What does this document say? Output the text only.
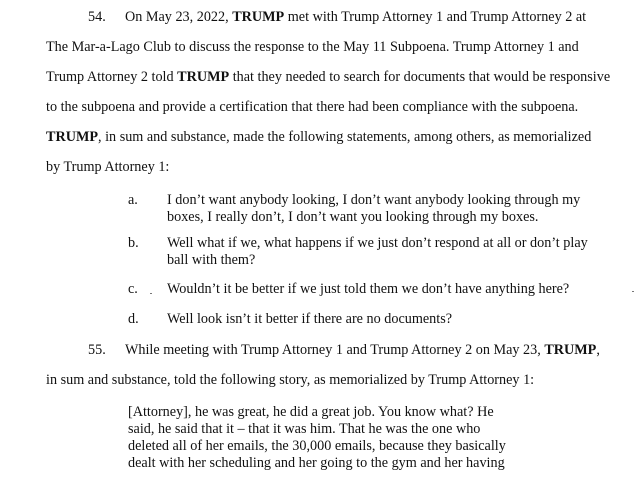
54. On May 23, 2022, TRUMP met with Trump Attorney 1 and Trump Attorney 2 at
The Mar-a-Lago Club to discuss the response to the May 11 Subpoena. Trump Attorney 1 and
Trump Attorney 2 told TRUMP that they needed to search for documents that would be responsive
to the subpoena and provide a certification that there had been compliance with the subpoena.
TRUMP, in sum and substance, made the following statements, among others, as memorialized
by Trump Attorney 1:
a. I don’t want anybody looking, I don’t want anybody looking through my
boxes, I really don’t, I don’t want you looking through my boxes.
b. Well what if we, what happens if we just don’t respond at all or don’t play
ball with them?
c. Wouldn’t it be better if we just told them we don’t have anything here?
d. Well look isn’t it better if there are no documents?
55. While meeting with Trump Attorney 1 and Trump Attorney 2 on May 23, TRUMP,
in sum and substance, told the following story, as memorialized by Trump Attorney 1:
[Attorney], he was great, he did a great job. You know what? He
said, he said that it – that it was him. That he was the one who
deleted all of her emails, the 30,000 emails, because they basically
dealt with her scheduling and her going to the gym and her having
